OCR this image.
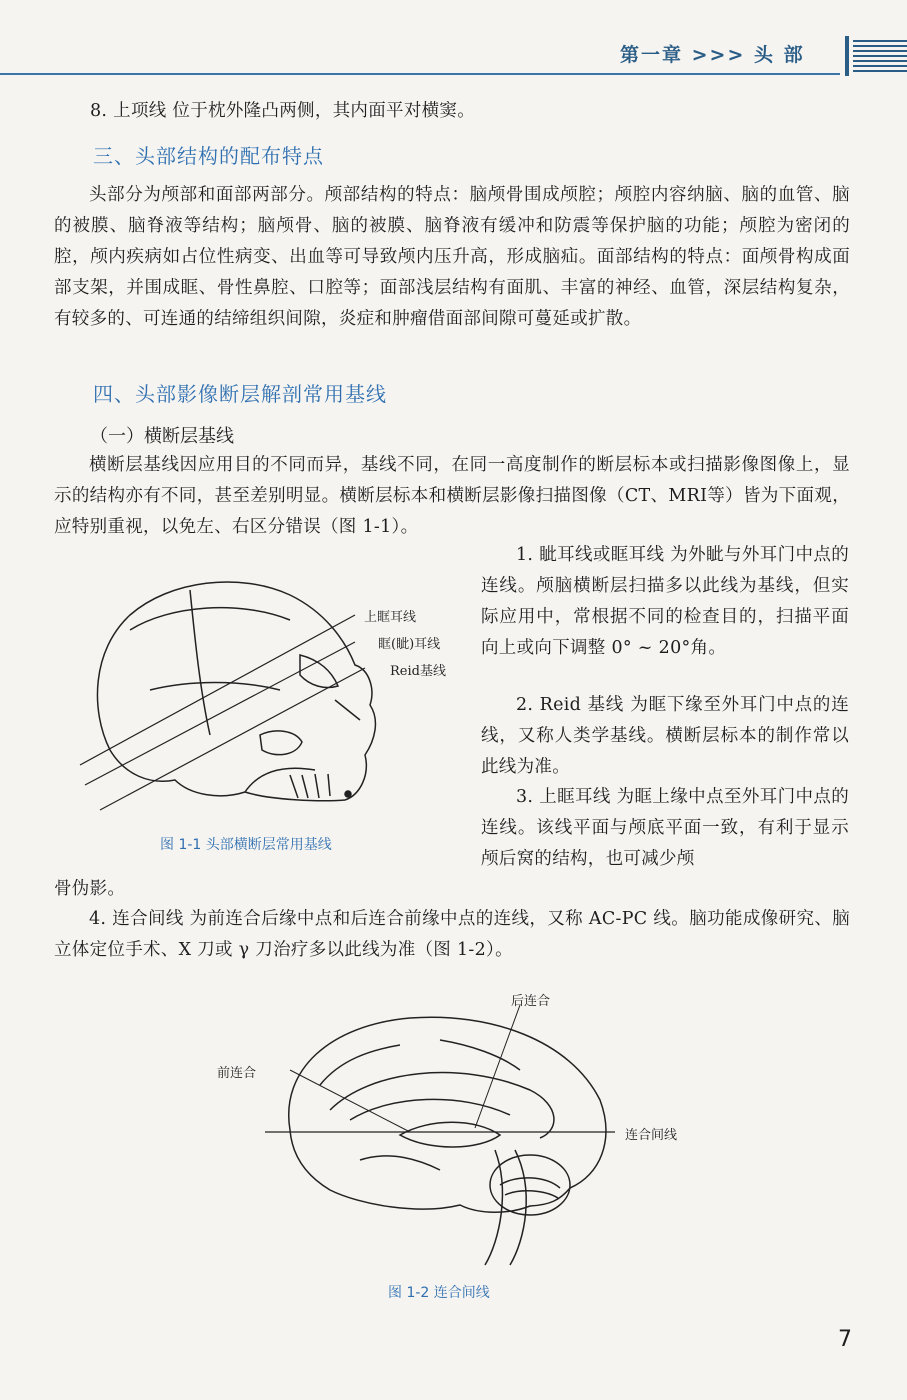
第一章 >>> 头 部
8. 上项线 位于枕外隆凸两侧，其内面平对横窦。
三、头部结构的配布特点
头部分为颅部和面部两部分。颅部结构的特点：脑颅骨围成颅腔；颅腔内容纳脑、脑的血管、脑的被膜、脑脊液等结构；脑颅骨、脑的被膜、脑脊液有缓冲和防震等保护脑的功能；颅腔为密闭的腔，颅内疾病如占位性病变、出血等可导致颅内压升高，形成脑疝。面部结构的特点：面颅骨构成面部支架，并围成眶、骨性鼻腔、口腔等；面部浅层结构有面肌、丰富的神经、血管，深层结构复杂，有较多的、可连通的结缔组织间隙，炎症和肿瘤借面部间隙可蔓延或扩散。
四、头部影像断层解剖常用基线
（一）横断层基线
横断层基线因应用目的不同而异，基线不同，在同一高度制作的断层标本或扫描影像图像上，显示的结构亦有不同，甚至差别明显。横断层标本和横断层影像扫描图像（CT、MRI等）皆为下面观，应特别重视，以免左、右区分错误（图 1-1）。
1. 眦耳线或眶耳线 为外眦与外耳门中点的连线。颅脑横断层扫描多以此线为基线，但实际应用中，常根据不同的检查目的，扫描平面向上或向下调整 0° ~ 20°角。
2. Reid 基线 为眶下缘至外耳门中点的连线，又称人类学基线。横断层标本的制作常以此线为准。
3. 上眶耳线 为眶上缘中点至外耳门中点的连线。该线平面与颅底平面一致，有利于显示颅后窝的结构，也可减少颅
骨伪影。
4. 连合间线 为前连合后缘中点和后连合前缘中点的连线，又称 AC-PC 线。脑功能成像研究、脑立体定位手术、X 刀或 γ 刀治疗多以此线为准（图 1-2）。
上眶耳线
眶(眦)耳线
Reid基线
图 1-1 头部横断层常用基线
后连合
前连合
连合间线
图 1-2 连合间线
7
